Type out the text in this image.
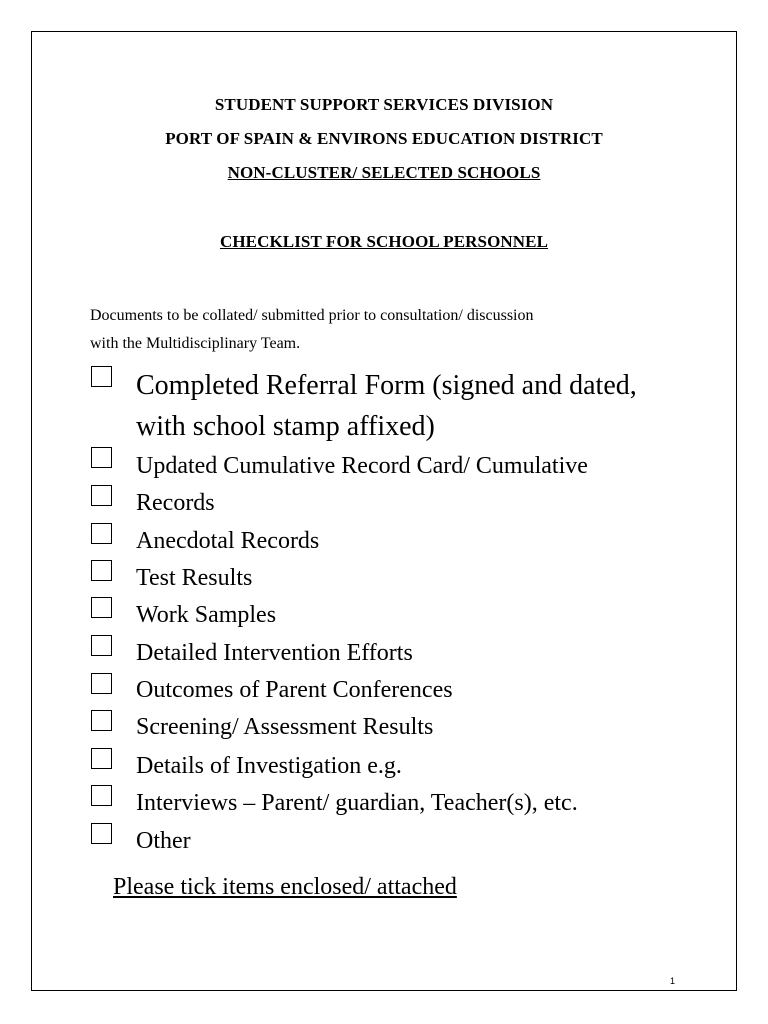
STUDENT SUPPORT SERVICES DIVISION
PORT OF SPAIN & ENVIRONS EDUCATION DISTRICT
NON-CLUSTER/ SELECTED SCHOOLS
CHECKLIST FOR SCHOOL PERSONNEL
Documents to be collated/ submitted prior to consultation/ discussion
with the Multidisciplinary Team.
Completed Referral Form (signed and dated,
with school stamp affixed)
Updated Cumulative Record Card/ Cumulative
Records
Anecdotal Records
Test Results
Work Samples
Detailed Intervention Efforts
Outcomes of Parent Conferences
Screening/ Assessment Results
Details of Investigation e.g.
Interviews – Parent/ guardian, Teacher(s), etc.
Other
Please tick items enclosed/ attached
1
